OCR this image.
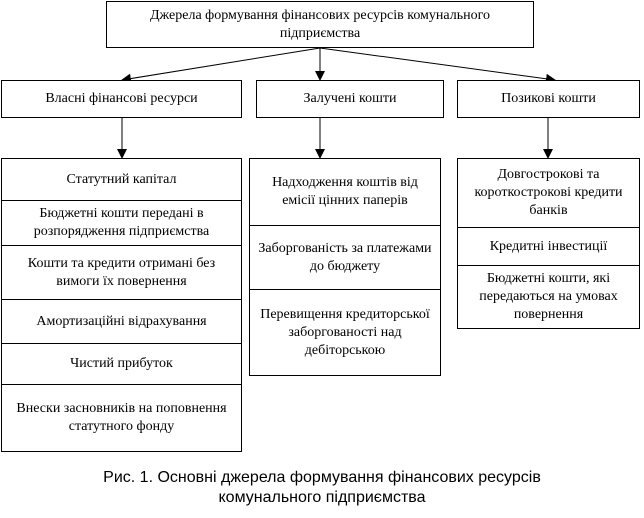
Джерела формування фінансових ресурсів комунального підприємства
Власні фінансові ресурси	Залучені кошти	Позикові кошти
Статутний капітал
Бюджетні кошти передані в розпорядження підприємства
Кошти та кредити отримані без вимоги їх повернення
Амортизаційні відрахування
Чистий прибуток
Внески засновників на поповнення статутного фонду
Надходження коштів від емісії цінних паперів
Заборгованість за платежами до бюджету
Перевищення кредиторської заборгованості над дебіторською
Довгострокові та короткострокові кредити банків
Кредитні інвестиції
Бюджетні кошти, які передаються на умовах повернення
Рис. 1. Основні джерела формування фінансових ресурсів
комунального підприємства
